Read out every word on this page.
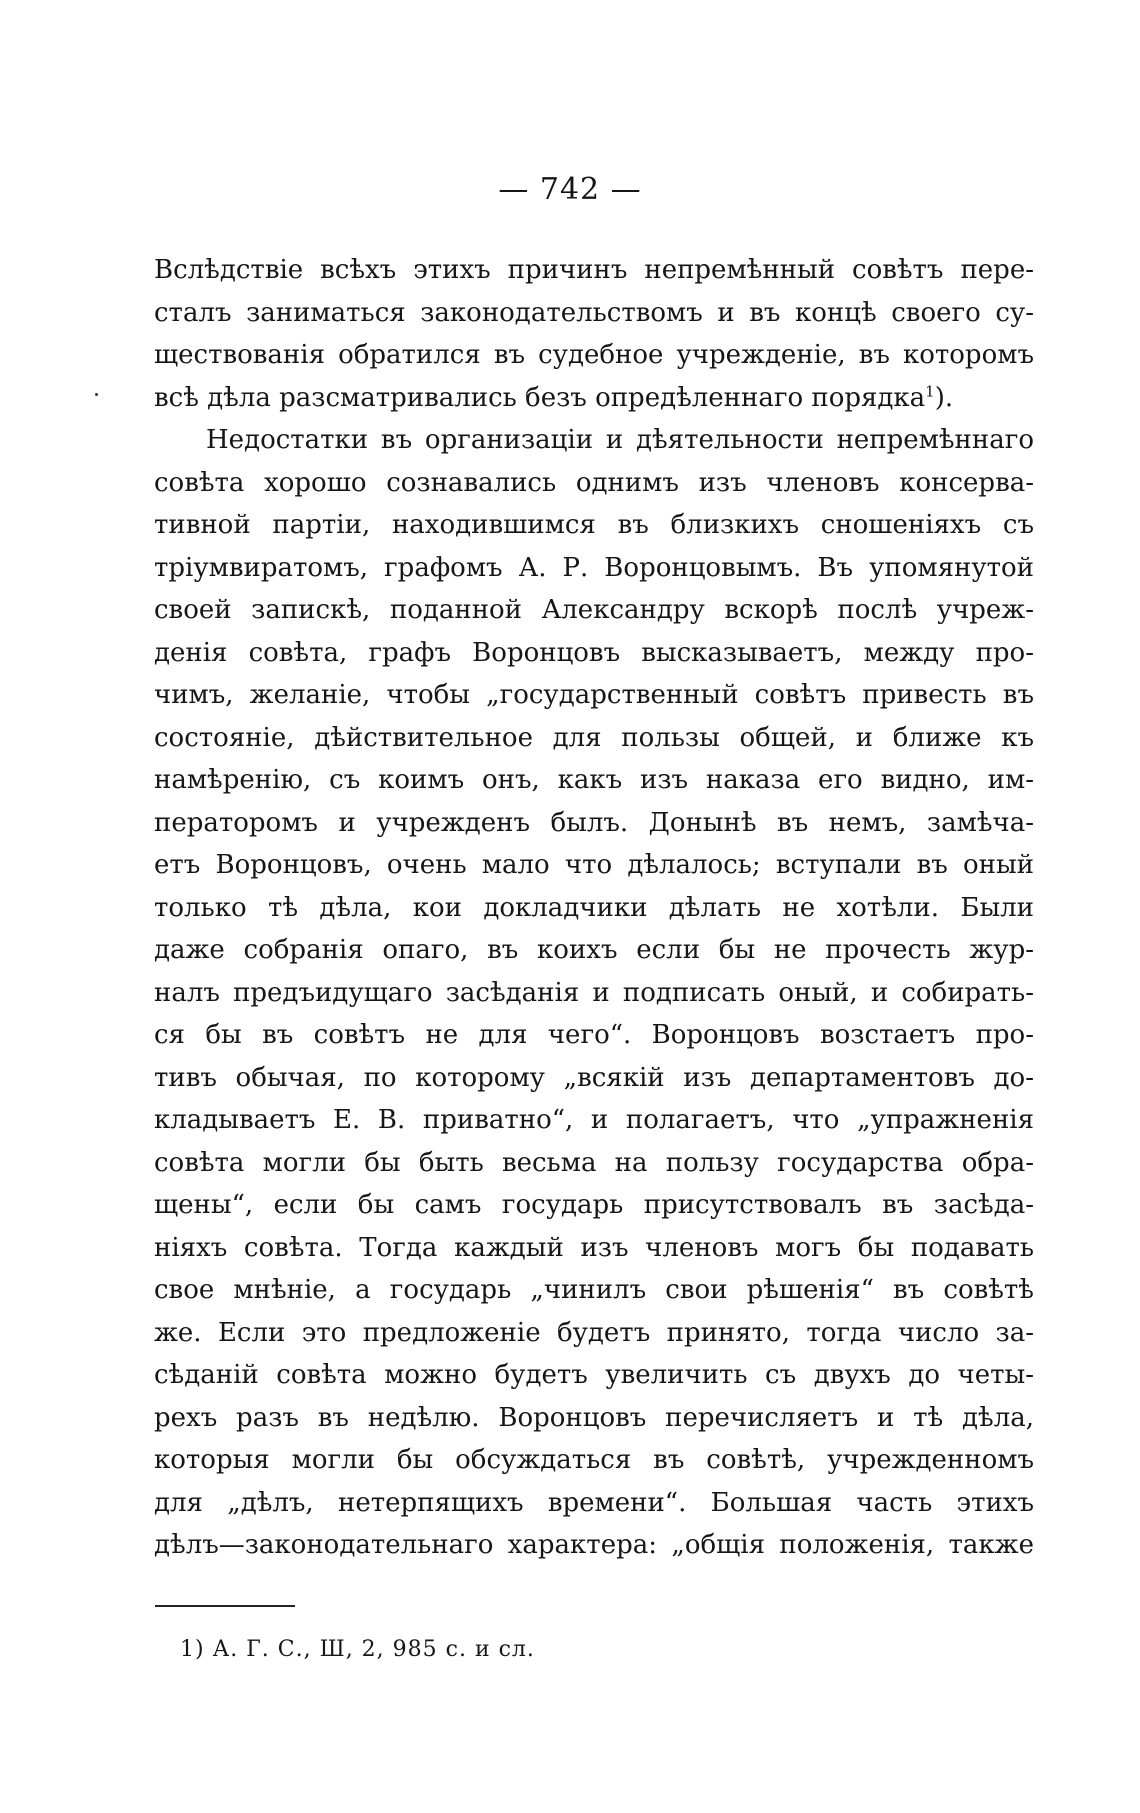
— 742 —
Вслѣдствіе всѣхъ этихъ причинъ непремѣнный совѣтъ пере-
сталъ заниматься законодательствомъ и въ концѣ своего су-
ществованія обратился въ судебное учрежденіе, въ которомъ
всѣ дѣла разсматривались безъ опредѣленнаго порядка$^1$).
Недостатки въ организаціи и дѣятельности непремѣннаго
совѣта хорошо сознавались однимъ изъ членовъ консерва-
тивной партіи, находившимся въ близкихъ сношеніяхъ съ
тріумвиратомъ, графомъ А. Р. Воронцовымъ. Въ упомянутой
своей запискѣ, поданной Александру вскорѣ послѣ учреж-
денія совѣта, графъ Воронцовъ высказываетъ, между про-
чимъ, желаніе, чтобы „государственный совѣтъ привесть въ
состояніе, дѣйствительное для пользы общей, и ближе къ
намѣренію, съ коимъ онъ, какъ изъ наказа его видно, им-
ператоромъ и учрежденъ былъ. Донынѣ въ немъ, замѣча-
етъ Воронцовъ, очень мало что дѣлалось; вступали въ оный
только тѣ дѣла, кои докладчики дѣлать не хотѣли. Были
даже собранія опаго, въ коихъ если бы не прочесть жур-
налъ предъидущаго засѣданія и подписать оный, и собирать-
ся бы въ совѣтъ не для чего“. Воронцовъ возстаетъ про-
тивъ обычая, по которому „всякій изъ департаментовъ до-
кладываетъ Е. В. приватно“, и полагаетъ, что „упражненія
совѣта могли бы быть весьма на пользу государства обра-
щены“, если бы самъ государь присутствовалъ въ засѣда-
ніяхъ совѣта. Тогда каждый изъ членовъ могъ бы подавать
свое мнѣніе, а государь „чинилъ свои рѣшенія“ въ совѣтѣ
же. Если это предложеніе будетъ принято, тогда число за-
сѣданій совѣта можно будетъ увеличить съ двухъ до четы-
рехъ разъ въ недѣлю. Воронцовъ перечисляетъ и тѣ дѣла,
которыя могли бы обсуждаться въ совѣтѣ, учрежденномъ
для „дѣлъ, нетерпящихъ времени“. Большая часть этихъ
дѣлъ—законодательнаго характера: „общія положенія, также
1) А. Г. С., Ш, 2, 985 с. и сл.
